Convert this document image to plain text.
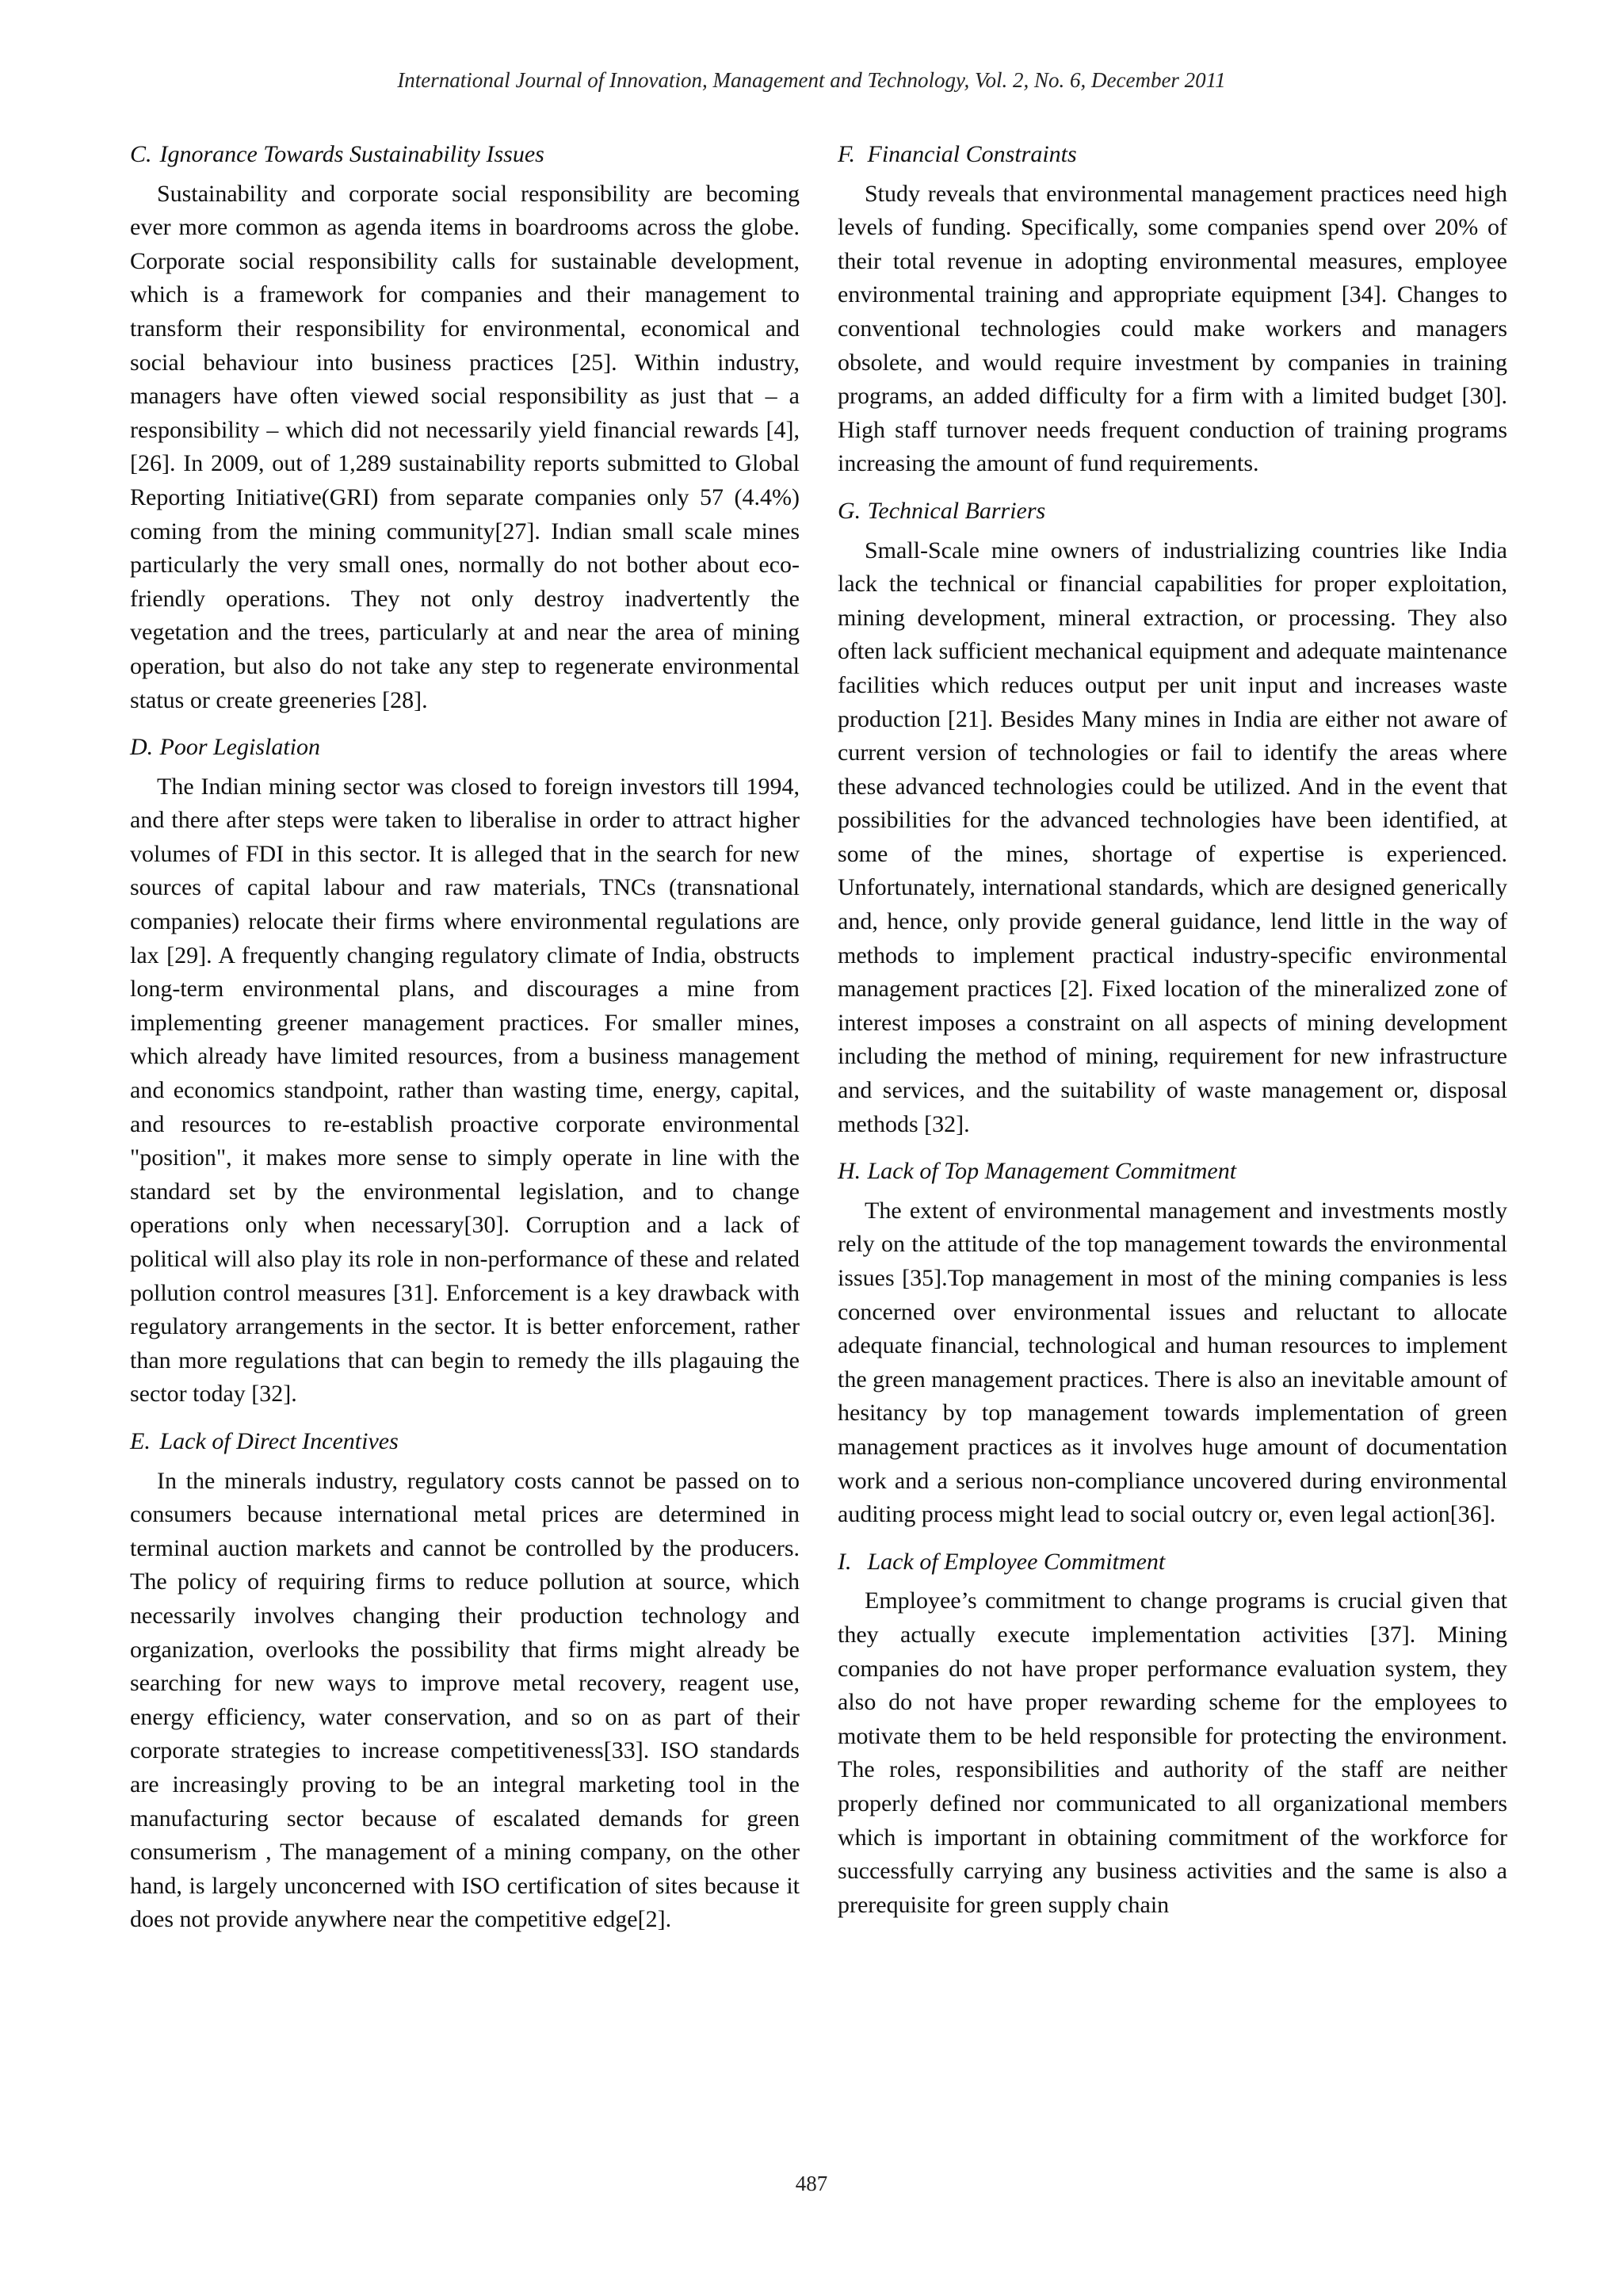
International Journal of Innovation, Management and Technology, Vol. 2, No. 6, December 2011
C. Ignorance Towards Sustainability Issues

Sustainability and corporate social responsibility are becoming ever more common as agenda items in boardrooms across the globe. Corporate social responsibility calls for sustainable development, which is a framework for companies and their management to transform their responsibility for environmental, economical and social behaviour into business practices [25]. Within industry, managers have often viewed social responsibility as just that – a responsibility – which did not necessarily yield financial rewards [4], [26]. In 2009, out of 1,289 sustainability reports submitted to Global Reporting Initiative(GRI) from separate companies only 57 (4.4%) coming from the mining community[27]. Indian small scale mines particularly the very small ones, normally do not bother about eco-friendly operations. They not only destroy inadvertently the vegetation and the trees, particularly at and near the area of mining operation, but also do not take any step to regenerate environmental status or create greeneries [28].

D. Poor Legislation

The Indian mining sector was closed to foreign investors till 1994, and there after steps were taken to liberalise in order to attract higher volumes of FDI in this sector. It is alleged that in the search for new sources of capital labour and raw materials, TNCs (transnational companies) relocate their firms where environmental regulations are lax [29]. A frequently changing regulatory climate of India, obstructs long-term environmental plans, and discourages a mine from implementing greener management practices. For smaller mines, which already have limited resources, from a business management and economics standpoint, rather than wasting time, energy, capital, and resources to re-establish proactive corporate environmental "position", it makes more sense to simply operate in line with the standard set by the environmental legislation, and to change operations only when necessary[30]. Corruption and a lack of political will also play its role in non-performance of these and related pollution control measures [31]. Enforcement is a key drawback with regulatory arrangements in the sector. It is better enforcement, rather than more regulations that can begin to remedy the ills plagauing the sector today [32].

E. Lack of Direct Incentives

In the minerals industry, regulatory costs cannot be passed on to consumers because international metal prices are determined in terminal auction markets and cannot be controlled by the producers. The policy of requiring firms to reduce pollution at source, which necessarily involves changing their production technology and organization, overlooks the possibility that firms might already be searching for new ways to improve metal recovery, reagent use, energy efficiency, water conservation, and so on as part of their corporate strategies to increase competitiveness[33]. ISO standards are increasingly proving to be an integral marketing tool in the manufacturing sector because of escalated demands for green consumerism , The management of a mining company, on the other hand, is largely unconcerned with ISO certification of sites because it does not provide anywhere near the competitive edge[2].

F. Financial Constraints

Study reveals that environmental management practices need high levels of funding. Specifically, some companies spend over 20% of their total revenue in adopting environmental measures, employee environmental training and appropriate equipment [34]. Changes to conventional technologies could make workers and managers obsolete, and would require investment by companies in training programs, an added difficulty for a firm with a limited budget [30]. High staff turnover needs frequent conduction of training programs increasing the amount of fund requirements.

G. Technical Barriers

Small-Scale mine owners of industrializing countries like India lack the technical or financial capabilities for proper exploitation, mining development, mineral extraction, or processing. They also often lack sufficient mechanical equipment and adequate maintenance facilities which reduces output per unit input and increases waste production [21]. Besides Many mines in India are either not aware of current version of technologies or fail to identify the areas where these advanced technologies could be utilized. And in the event that possibilities for the advanced technologies have been identified, at some of the mines, shortage of expertise is experienced. Unfortunately, international standards, which are designed generically and, hence, only provide general guidance, lend little in the way of methods to implement practical industry-specific environmental management practices [2]. Fixed location of the mineralized zone of interest imposes a constraint on all aspects of mining development including the method of mining, requirement for new infrastructure and services, and the suitability of waste management or, disposal methods [32].

H. Lack of Top Management Commitment

The extent of environmental management and investments mostly rely on the attitude of the top management towards the environmental issues [35].Top management in most of the mining companies is less concerned over environmental issues and reluctant to allocate adequate financial, technological and human resources to implement the green management practices. There is also an inevitable amount of hesitancy by top management towards implementation of green management practices as it involves huge amount of documentation work and a serious non-compliance uncovered during environmental auditing process might lead to social outcry or, even legal action[36].

I. Lack of Employee Commitment

Employee’s commitment to change programs is crucial given that they actually execute implementation activities [37]. Mining companies do not have proper performance evaluation system, they also do not have proper rewarding scheme for the employees to motivate them to be held responsible for protecting the environment. The roles, responsibilities and authority of the staff are neither properly defined nor communicated to all organizational members which is important in obtaining commitment of the workforce for successfully carrying any business activities and the same is also a prerequisite for green supply chain

487
